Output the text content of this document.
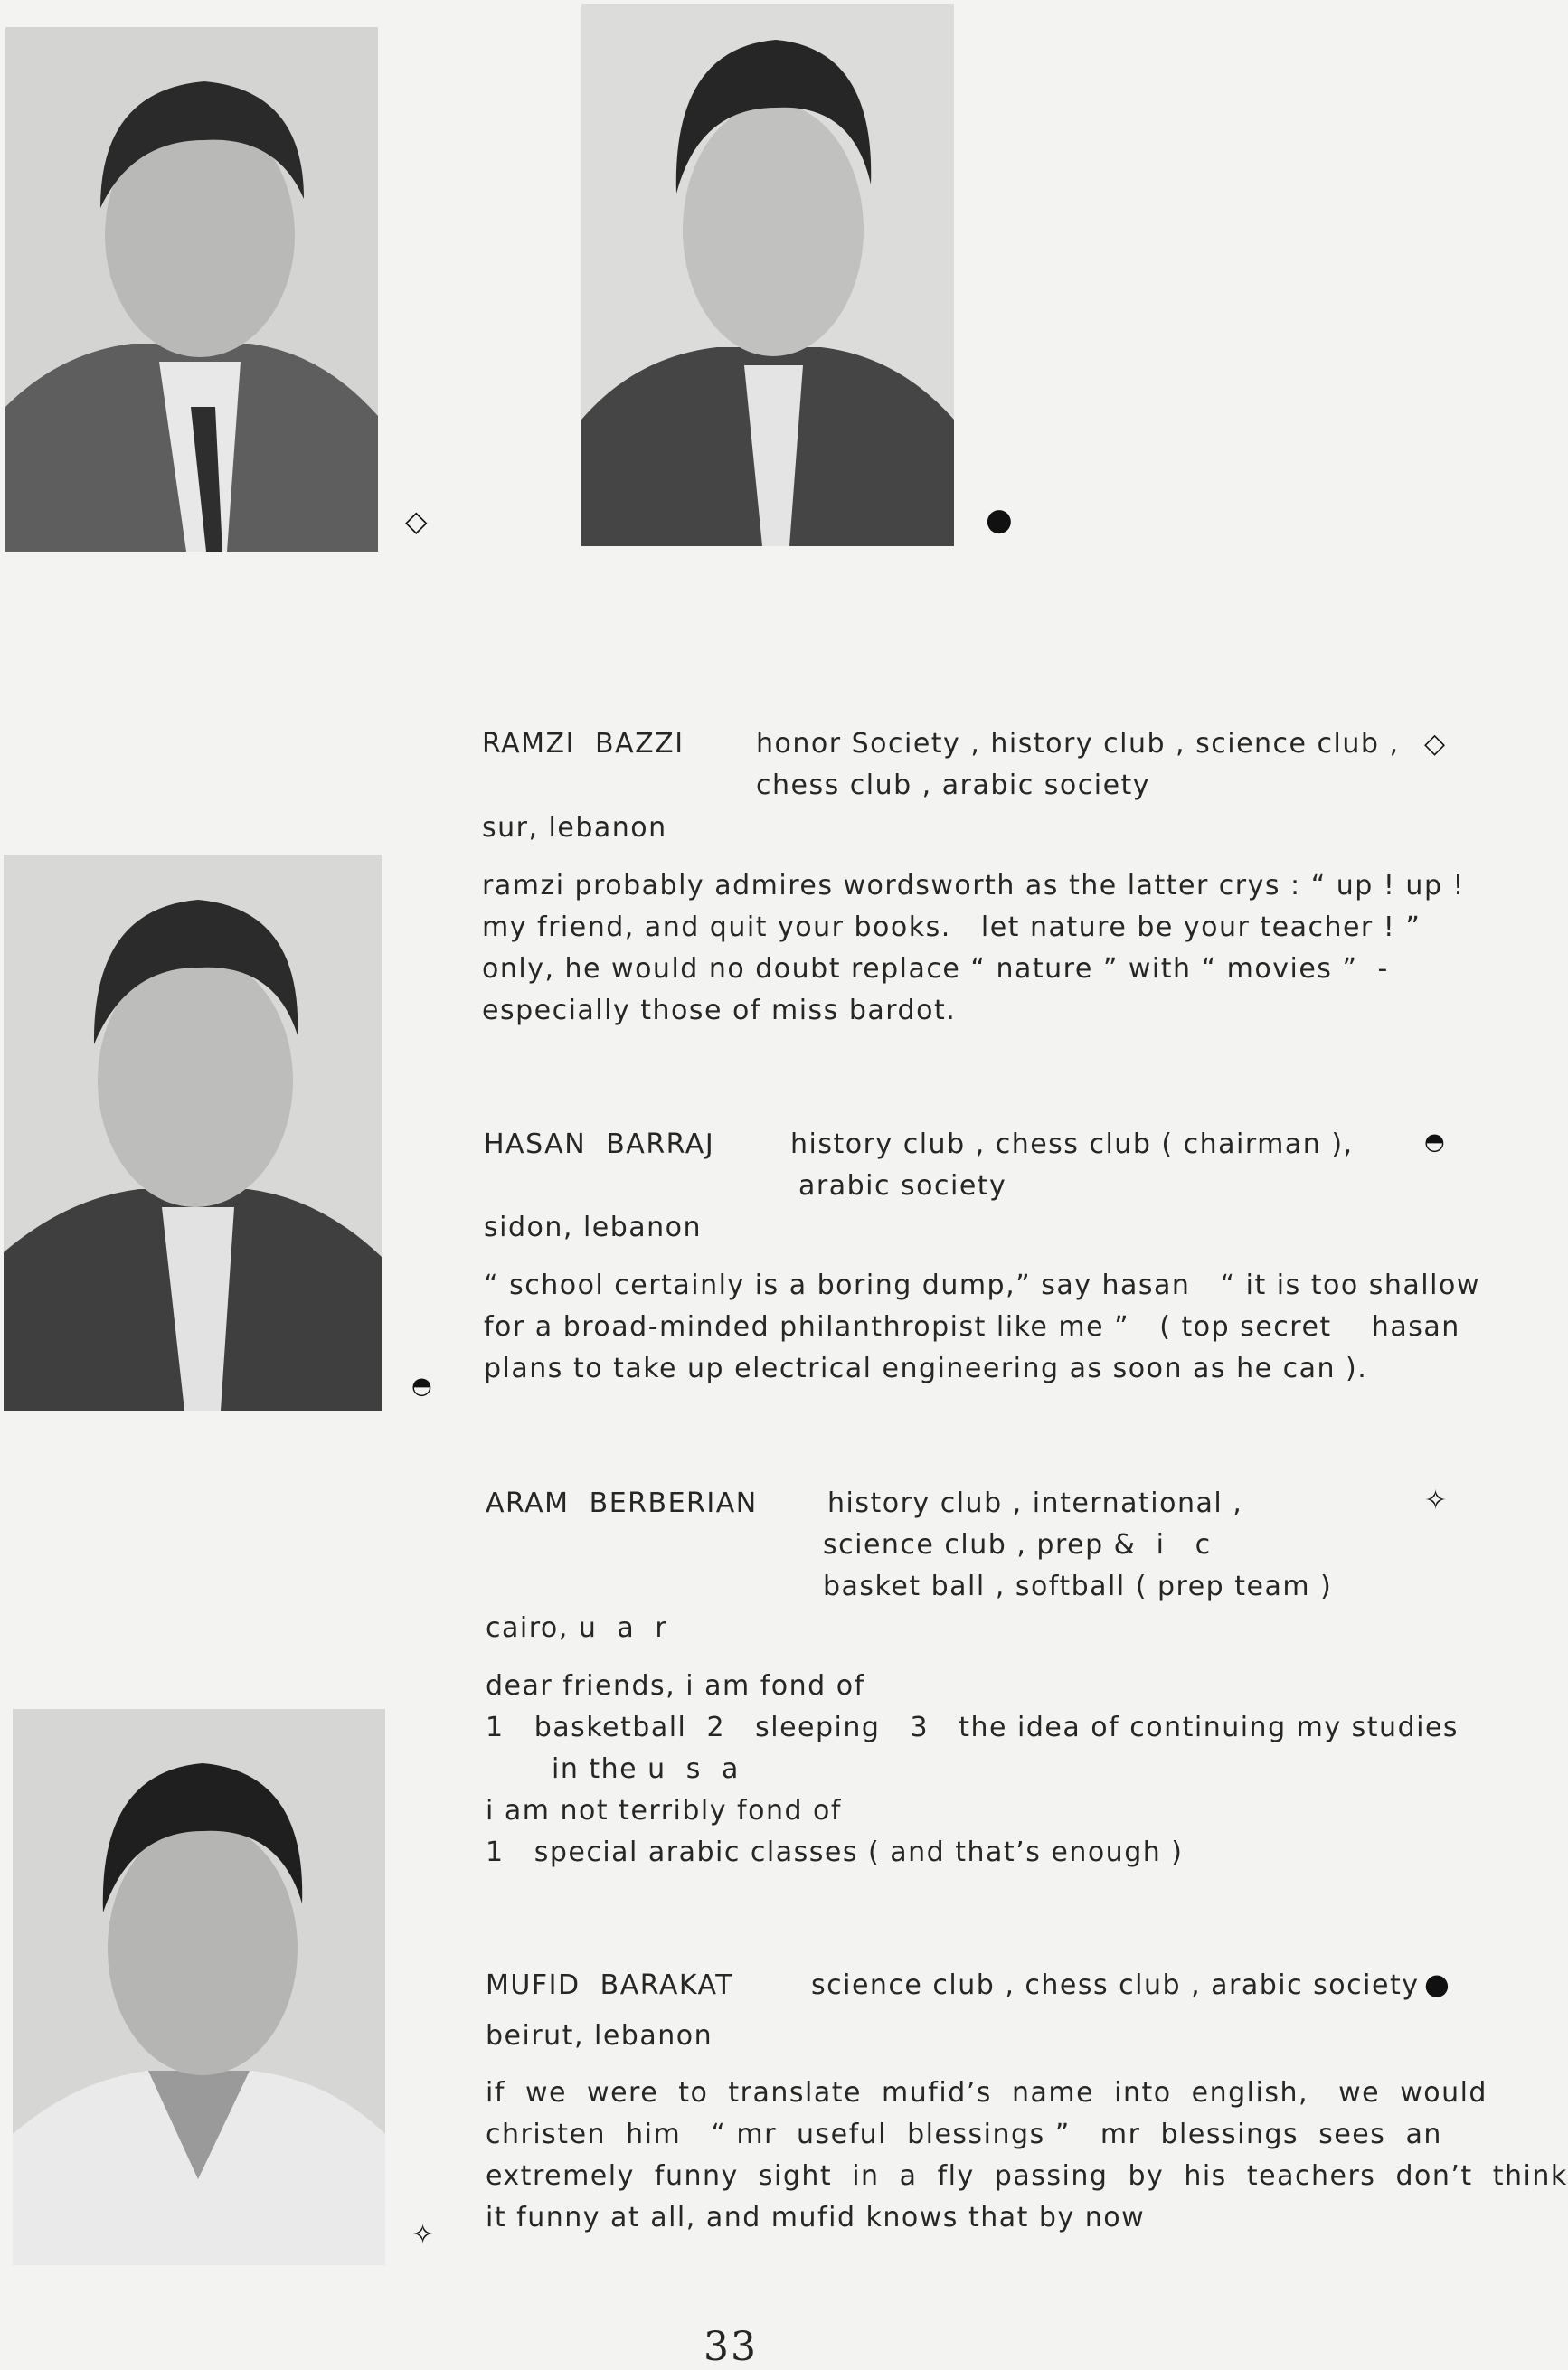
◇	●
◓
✧
RAMZI  BAZZI	honor Society , history club , science club ,
chess club , arabic society
◇
sur, lebanon
ramzi probably admires wordsworth as the latter crys : “ up ! up !
my friend, and quit your books.   let nature be your teacher ! ”
only, he would no doubt replace “ nature ” with “ movies ”  -
especially those of miss bardot.
HASAN  BARRAJ	history club , chess club ( chairman ),
arabic society
◓
sidon, lebanon
“ school certainly is a boring dump,” say hasan   “ it is too shallow
for a broad-minded philanthropist like me ”   ( top secret    hasan
plans to take up electrical engineering as soon as he can ).
ARAM  BERBERIAN	history club , international ,
science club , prep &  i   c
basket ball , softball ( prep team )
✧
cairo, u  a  r
dear friends, i am fond of
1   basketball  2   sleeping   3   the idea of continuing my studies
in the u  s  a
i am not terribly fond of
1   special arabic classes ( and that’s enough )
MUFID  BARAKAT	science club , chess club , arabic society ●
beirut, lebanon
if  we  were  to  translate  mufid’s  name  into  english,   we  would
christen  him   “ mr  useful  blessings ”   mr  blessings  sees  an
extremely  funny  sight  in  a  fly  passing  by  his  teachers  don’t  think
it funny at all, and mufid knows that by now
33
